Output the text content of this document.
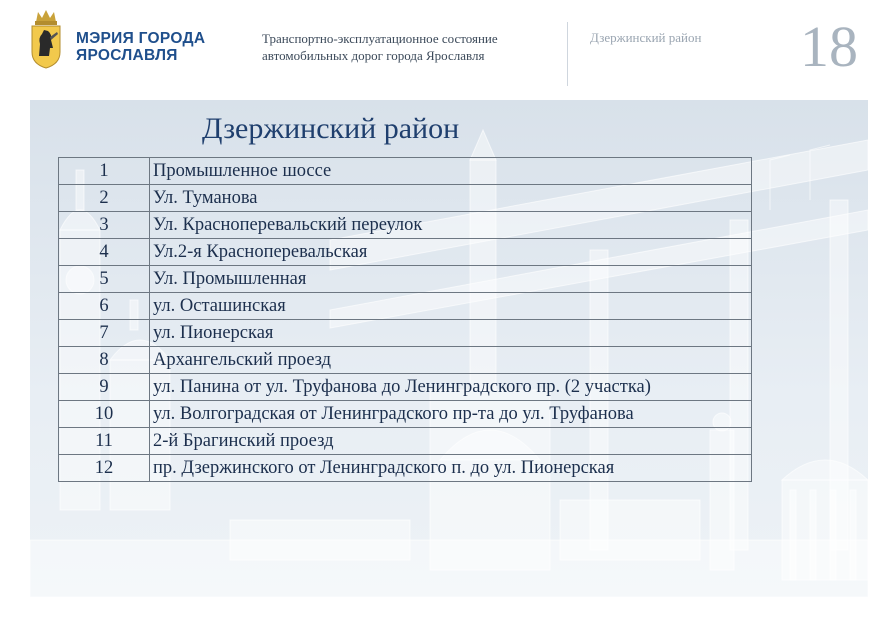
МЭРИЯ ГОРОДА
ЯРОСЛАВЛЯ
Транспортно-эксплуатационное состояние
автомобильных дорог города Ярославля
Дзержинский район 18
Дзержинский район
1	Промышленное шоссе
2	Ул. Туманова
3	Ул. Красноперевальский переулок
4	Ул.2-я Красноперевальская
5	Ул. Промышленная
6	ул. Осташинская
7	ул. Пионерская
8	Архангельский проезд
9	ул. Панина от ул. Труфанова до Ленинградского пр. (2 участка)
10	ул. Волгоградская от Ленинградского пр-та до ул. Труфанова
11	2-й Брагинский проезд
12	пр. Дзержинского от Ленинградского п. до ул. Пионерская
